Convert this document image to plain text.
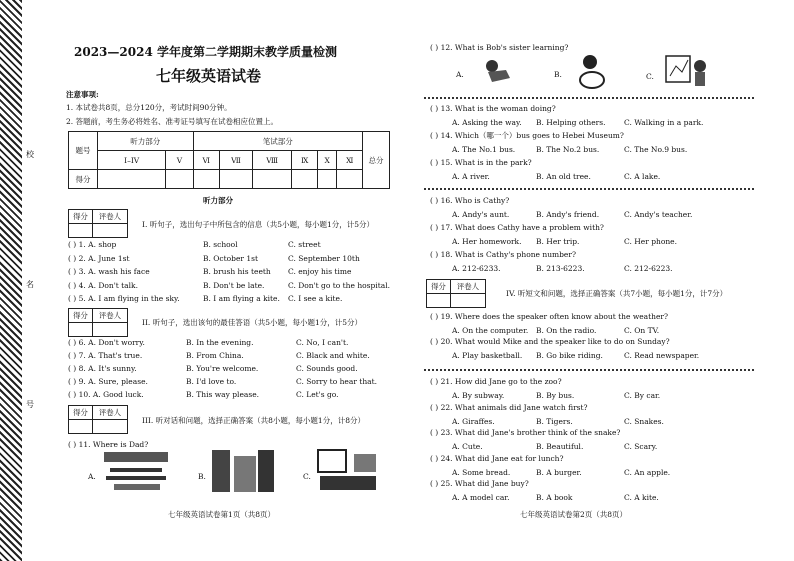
校
名
号
2023—2024 学年度第二学期期末教学质量检测
七年级英语试卷
注意事项:
1. 本试卷共8页，总分120分，考试时间90分钟。
2. 答题前，考生务必将姓名、准考证号填写在试卷相应位置上。
题号	听力部分		笔试部分						总分
	I–IV	V	Ⅵ	Ⅶ	Ⅷ	Ⅸ	X	Ⅺ	
得分									
听力部分
得分	评卷人

I. 听句子，选出句子中所包含的信息（共5小题，每小题1分，计5分）
( ) 1. A. shop	B. school	C. street
( ) 2. A. June 1st	B. October 1st	C. September 10th
( ) 3. A. wash his face	B. brush his teeth C. enjoy his time
( ) 4. A. Don't talk.	B. Don't be late.	C. Don't go to the hospital.
( ) 5. A. I am flying in the sky.	B. I am flying a kite. C. I see a kite.
得分	评卷人

II. 听句子，选出该句的最佳答语（共5小题，每小题1分，计5分）
( ) 6. A. Don't worry.	B. In the evening.	C. No, I can't.
( ) 7. A. That's true.	B. From China.	C. Black and white.
( ) 8. A. It's sunny.	B. You're welcome.	C. Sounds good.
( ) 9. A. Sure, please.	B. I'd love to.	C. Sorry to hear that.
( ) 10. A. Good luck.	B. This way please.	C. Let's go.
得分	评卷人

III. 听对话和问题，选择正确答案（共8小题，每小题1分，计8分）
( ) 11. Where is Dad?
A.	B.	C.
七年级英语试卷第1页（共8页）
( ) 12. What is Bob's sister learning?
A.	B.	C.
( ) 13. What is the woman doing?
A. Asking the way. B. Helping others. C. Walking in a park.
( ) 14. Which（哪一个）bus goes to Hebei Museum?
A. The No.1 bus.	B. The No.2 bus.	C. The No.9 bus.
( ) 15. What is in the park?
A. A river.	B. An old tree.	C. A lake.
( ) 16. Who is Cathy?
A. Andy's aunt.	B. Andy's friend.	C. Andy's teacher.
( ) 17. What does Cathy have a problem with?
A. Her homework. B. Her trip.	C. Her phone.
( ) 18. What is Cathy's phone number?
A. 212-6233.	B. 213-6223.	C. 212-6223.
得分	评卷人

IV. 听短文和问题，选择正确答案（共7小题，每小题1分，计7分）
( ) 19. Where does the speaker often know about the weather?
A. On the computer. B. On the radio.	C. On TV.
( ) 20. What would Mike and the speaker like to do on Sunday?
A. Play basketball. B. Go bike riding.	C. Read newspaper.
( ) 21. How did Jane go to the zoo?
A. By subway.	B. By bus.	C. By car.
( ) 22. What animals did Jane watch first?
A. Giraffes.	B. Tigers.	C. Snakes.
( ) 23. What did Jane's brother think of the snake?
A. Cute.	B. Beautiful.	C. Scary.
( ) 24. What did Jane eat for lunch?
A. Some bread.	B. A burger.	C. An apple.
( ) 25. What did Jane buy?
A. A model car.	B. A book	C. A kite.
七年级英语试卷第2页（共8页）
